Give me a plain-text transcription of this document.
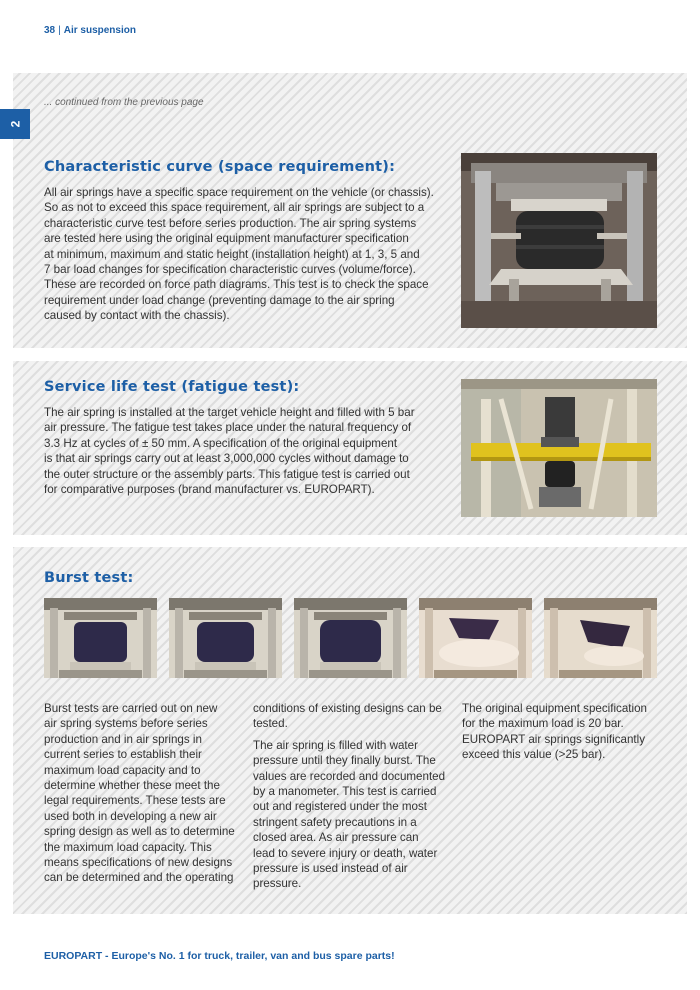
38 | Air suspension
2
... continued from the previous page
Characteristic curve (space requirement):
All air springs have a specific space requirement on the vehicle (or chassis).
So as not to exceed this space requirement, all air springs are subject to a
characteristic curve test before series production. The air spring systems
are tested here using the original equipment manufacturer specification
at minimum, maximum and static height (installation height) at 1, 3, 5 and
7 bar load changes for specification characteristic curves (volume/force).
These are recorded on force path diagrams. This test is to check the space
requirement under load change (preventing damage to the air spring
caused by contact with the chassis).
Service life test (fatigue test):
The air spring is installed at the target vehicle height and filled with 5 bar
air pressure. The fatigue test takes place under the natural frequency of
3.3 Hz at cycles of ± 50 mm. A specification of the original equipment
is that air springs carry out at least 3,000,000 cycles without damage to
the outer structure or the assembly parts. This fatigue test is carried out
for comparative purposes (brand manufacturer vs. EUROPART).
Burst test:
Burst tests are carried out on new
air spring systems before series
production and in air springs in
current series to establish their
maximum load capacity and to
determine whether these meet the
legal requirements. These tests are
used both in developing a new air
spring design as well as to determine
the maximum load capacity. This
means specifications of new designs
can be determined and the operating
conditions of existing designs can be
tested.
The air spring is filled with water
pressure until they finally burst. The
values are recorded and documented
by a manometer. This test is carried
out and registered under the most
stringent safety precautions in a
closed area. As air pressure can
lead to severe injury or death, water
pressure is used instead of air
pressure.
The original equipment specification
for the maximum load is 20 bar.
EUROPART air springs significantly
exceed this value (>25 bar).
EUROPART - Europe's No. 1 for truck, trailer, van and bus spare parts!
